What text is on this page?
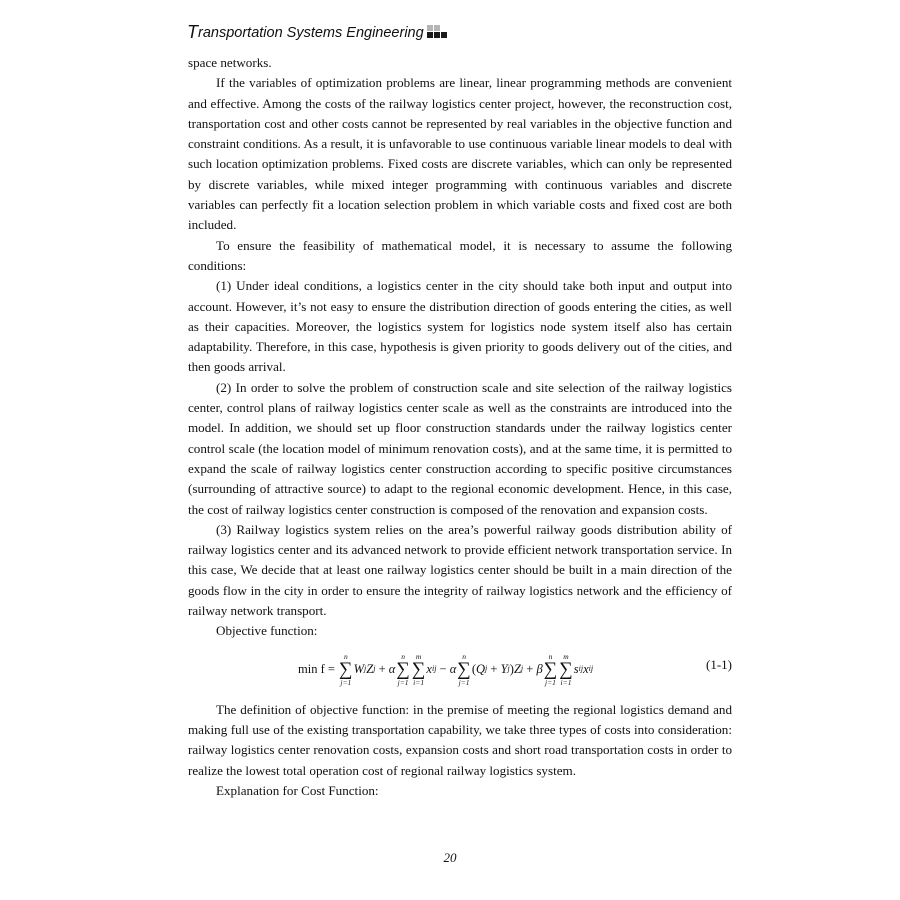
T ransportation Systems Engineering

space networks.

If the variables of optimization problems are linear, linear programming methods are convenient and effective. Among the costs of the railway logistics center project, however, the reconstruction cost, transportation cost and other costs cannot be represented by real variables in the objective function and constraint conditions. As a result, it is unfavorable to use continuous variable linear models to deal with such location optimization problems. Fixed costs are discrete variables, which can only be represented by discrete variables, while mixed integer programming with continuous variables and discrete variables can perfectly fit a location selection problem in which variable costs and fixed cost are both included.

To ensure the feasibility of mathematical model, it is necessary to assume the following conditions:

(1) Under ideal conditions, a logistics center in the city should take both input and output into account. However, it’s not easy to ensure the distribution direction of goods entering the cities, as well as their capacities. Moreover, the logistics system for logistics node system itself also has certain adaptability. Therefore, in this case, hypothesis is given priority to goods delivery out of the cities, and then goods arrival.

(2) In order to solve the problem of construction scale and site selection of the railway logistics center, control plans of railway logistics center scale as well as the constraints are introduced into the model. In addition, we should set up floor construction standards under the railway logistics center control scale (the location model of minimum renovation costs), and at the same time, it is permitted to expand the scale of railway logistics center construction according to specific positive circumstances (surrounding of attractive source) to adapt to the regional economic development. Hence, in this case, the cost of railway logistics center construction is composed of the renovation and expansion costs.

(3) Railway logistics system relies on the area’s powerful railway goods distribution ability of railway logistics center and its advanced network to provide efficient network transportation service. In this case, We decide that at least one railway logistics center should be built in a main direction of the goods flow in the city in order to ensure the integrity of railway logistics network and the efficiency of railway network transport.

Objective function:

min f =

n
∑
j=1
W j Z j
+ α
n
∑
j=1
m
∑
i=1
x ij
− α
n
∑
j=1
( Q j
+ Y j ) Z j
+ β
n
∑
j=1
m
∑
i=1
s ij x ij	(1-1)

The definition of objective function: in the premise of meeting the regional logistics demand and making full use of the existing transportation capability, we take three types of costs into consideration: railway logistics center renovation costs, expansion costs and short road transportation costs in order to realize the lowest total operation cost of regional railway logistics system.

Explanation for Cost Function:

20
